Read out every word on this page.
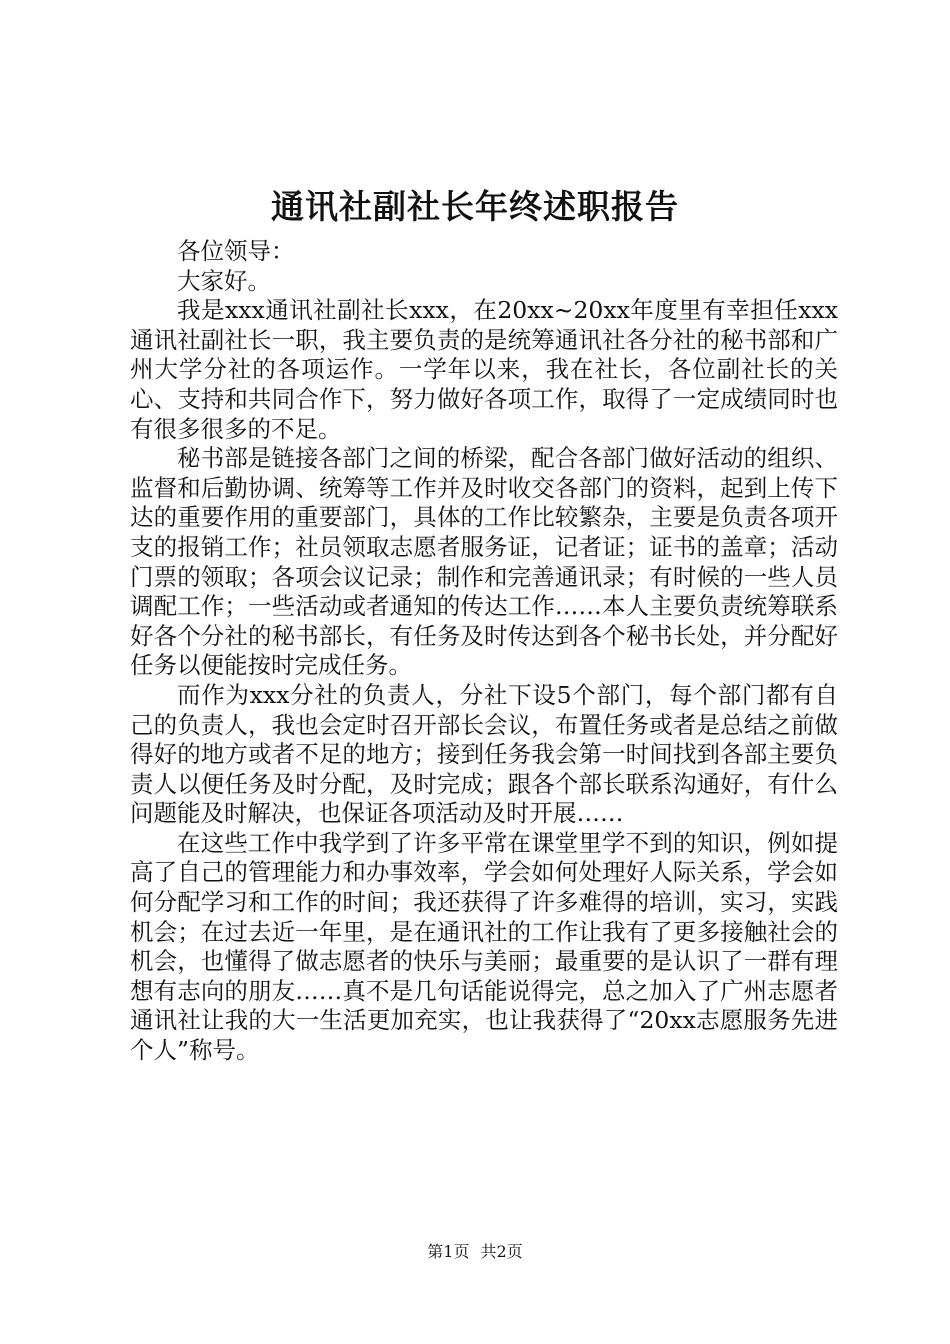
通讯社副社长年终述职报告

各位领导：

大家好。

我是xxx通讯社副社长xxx，在20xx~20xx年度里有幸担任xxx通讯社副社长一职，我主要负责的是统筹通讯社各分社的秘书部和广州大学分社的各项运作。一学年以来，我在社长，各位副社长的关心、支持和共同合作下，努力做好各项工作，取得了一定成绩同时也有很多很多的不足。

秘书部是链接各部门之间的桥梁，配合各部门做好活动的组织、监督和后勤协调、统筹等工作并及时收交各部门的资料，起到上传下达的重要作用的重要部门，具体的工作比较繁杂，主要是负责各项开支的报销工作；社员领取志愿者服务证，记者证；证书的盖章；活动门票的领取；各项会议记录；制作和完善通讯录；有时候的一些人员调配工作；一些活动或者通知的传达工作……本人主要负责统筹联系好各个分社的秘书部长，有任务及时传达到各个秘书长处，并分配好任务以便能按时完成任务。

而作为xxx分社的负责人，分社下设5个部门，每个部门都有自己的负责人，我也会定时召开部长会议，布置任务或者是总结之前做得好的地方或者不足的地方；接到任务我会第一时间找到各部主要负责人以便任务及时分配，及时完成；跟各个部长联系沟通好，有什么问题能及时解决，也保证各项活动及时开展……

在这些工作中我学到了许多平常在课堂里学不到的知识，例如提高了自己的管理能力和办事效率，学会如何处理好人际关系，学会如何分配学习和工作的时间；我还获得了许多难得的培训，实习，实践机会；在过去近一年里，是在通讯社的工作让我有了更多接触社会的机会，也懂得了做志愿者的快乐与美丽；最重要的是认识了一群有理想有志向的朋友……真不是几句话能说得完，总之加入了广州志愿者通讯社让我的大一生活更加充实，也让我获得了“20xx志愿服务先进个人”称号。

第1页 共2页
